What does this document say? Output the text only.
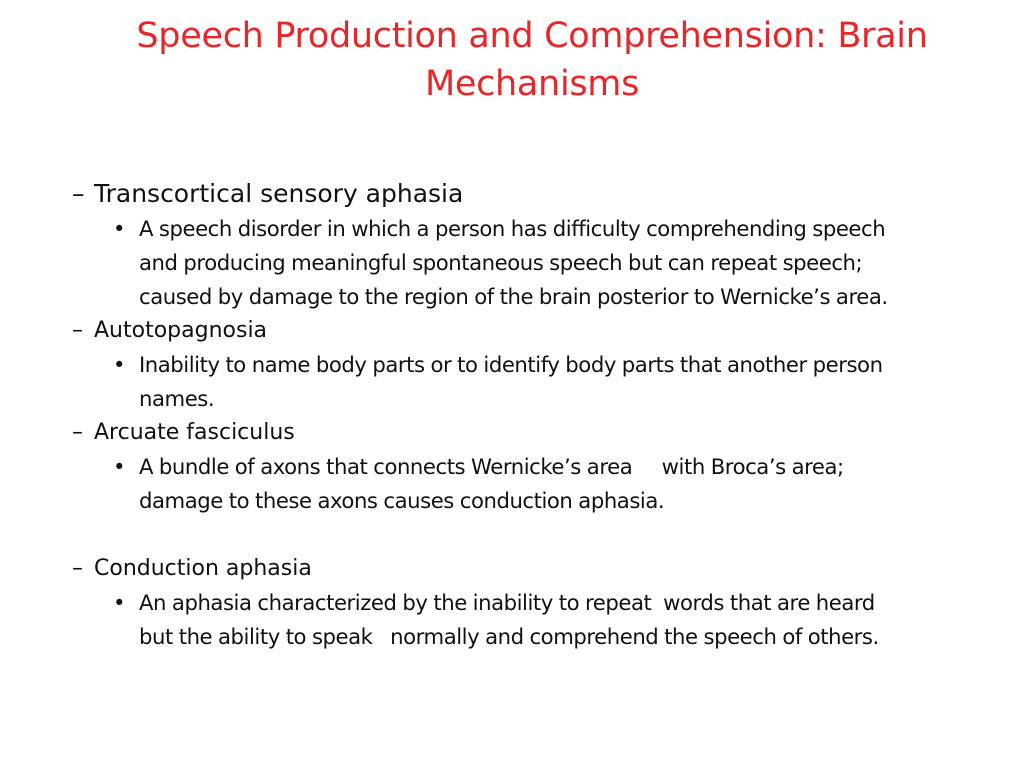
Speech Production and Comprehension: Brain
Mechanisms
– Transcortical sensory aphasia
• A speech disorder in which a person has difficulty comprehending speech
and producing meaningful spontaneous speech but can repeat speech;
caused by damage to the region of the brain posterior to Wernicke’s area.
– Autotopagnosia
• Inability to name body parts or to identify body parts that another person
names.
– Arcuate fasciculus
• A bundle of axons that connects Wernicke’s area     with Broca’s area;
damage to these axons causes conduction aphasia.
– Conduction aphasia
• An aphasia characterized by the inability to repeat  words that are heard
but the ability to speak   normally and comprehend the speech of others.
